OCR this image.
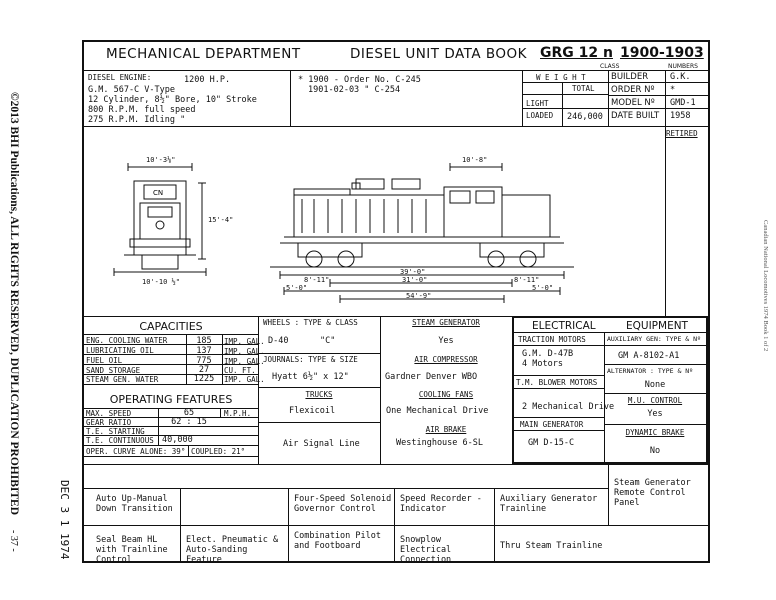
©2013 BHI Publications, ALL RIGHTS RESERVED, DUPLICATION PROHIBITED
DEC 3 1 1974
- 37 -
Canadian National Locomotives 1974 Book 1 of 2
MECHANICAL DEPARTMENT	DIESEL UNIT DATA BOOK GRG 12 n
CLASS
1900-1903
NUMBERS
DIESEL ENGINE:	1200 H.P.
G.M. 567-C V-Type
12 Cylinder, 8½" Bore, 10" Stroke
800 R.P.M. full speed
275 R.P.M. Idling "
* 1900 - Order No. C-245
1901-02-03 " C-254
W E I G H T
TOTAL
LIGHT
LOADED 246,000
BUILDER	G.K.
ORDER Nº *
MODEL Nº GMD-1
DATE BUILT 1958
RETIRED
CN
10'-3⅛"
15'-4"
10'-10 ½"
10'-8"
39'-0"
31'-0"
54'-9"
8'-11"	8'-11"
5'-0"	5'-0"
CAPACITIES
ENG. COOLING WATER	185	IMP. GAL.
LUBRICATING OIL	137	IMP. GAL.
FUEL OIL	775	IMP. GAL.
SAND STORAGE	27	CU. FT.
STEAM GEN. WATER	1225	IMP. GAL.
OPERATING FEATURES
MAX. SPEED	65	M.P.H.
GEAR RATIO	62 : 15
T.E. STARTING
T.E. CONTINUOUS 40,000
OPER. CURVE ALONE: 39° COUPLED: 21°
WHEELS : TYPE & CLASS
D-40	"C"
JOURNALS: TYPE & SIZE
Hyatt 6½" x 12"
TRUCKS
Flexicoil
Air Signal Line
STEAM GENERATOR
Yes
AIR COMPRESSOR
Gardner Denver WBO
COOLING FANS
One Mechanical Drive
AIR BRAKE
Westinghouse 6-SL
ELECTRICAL	EQUIPMENT
TRACTION MOTORS
G.M. D-47B
4 Motors
T.M. BLOWER MOTORS
2 Mechanical Drive
MAIN GENERATOR
GM D-15-C
AUXILIARY GEN: TYPE & Nº
GM A-8102-A1
ALTERNATOR : TYPE & Nº
None
M.U. CONTROL
Yes
DYNAMIC BRAKE
No
Steam Generator Remote Control Panel
Auto Up-Manual Down Transition
Four-Speed Solenoid Governor Control
Speed Recorder - Indicator
Auxiliary Generator Trainline
Seal Beam HL with Trainline Control
Elect. Pneumatic & Auto-Sanding Feature
Combination Pilot and Footboard
Snowplow Electrical Connection
Thru Steam Trainline
